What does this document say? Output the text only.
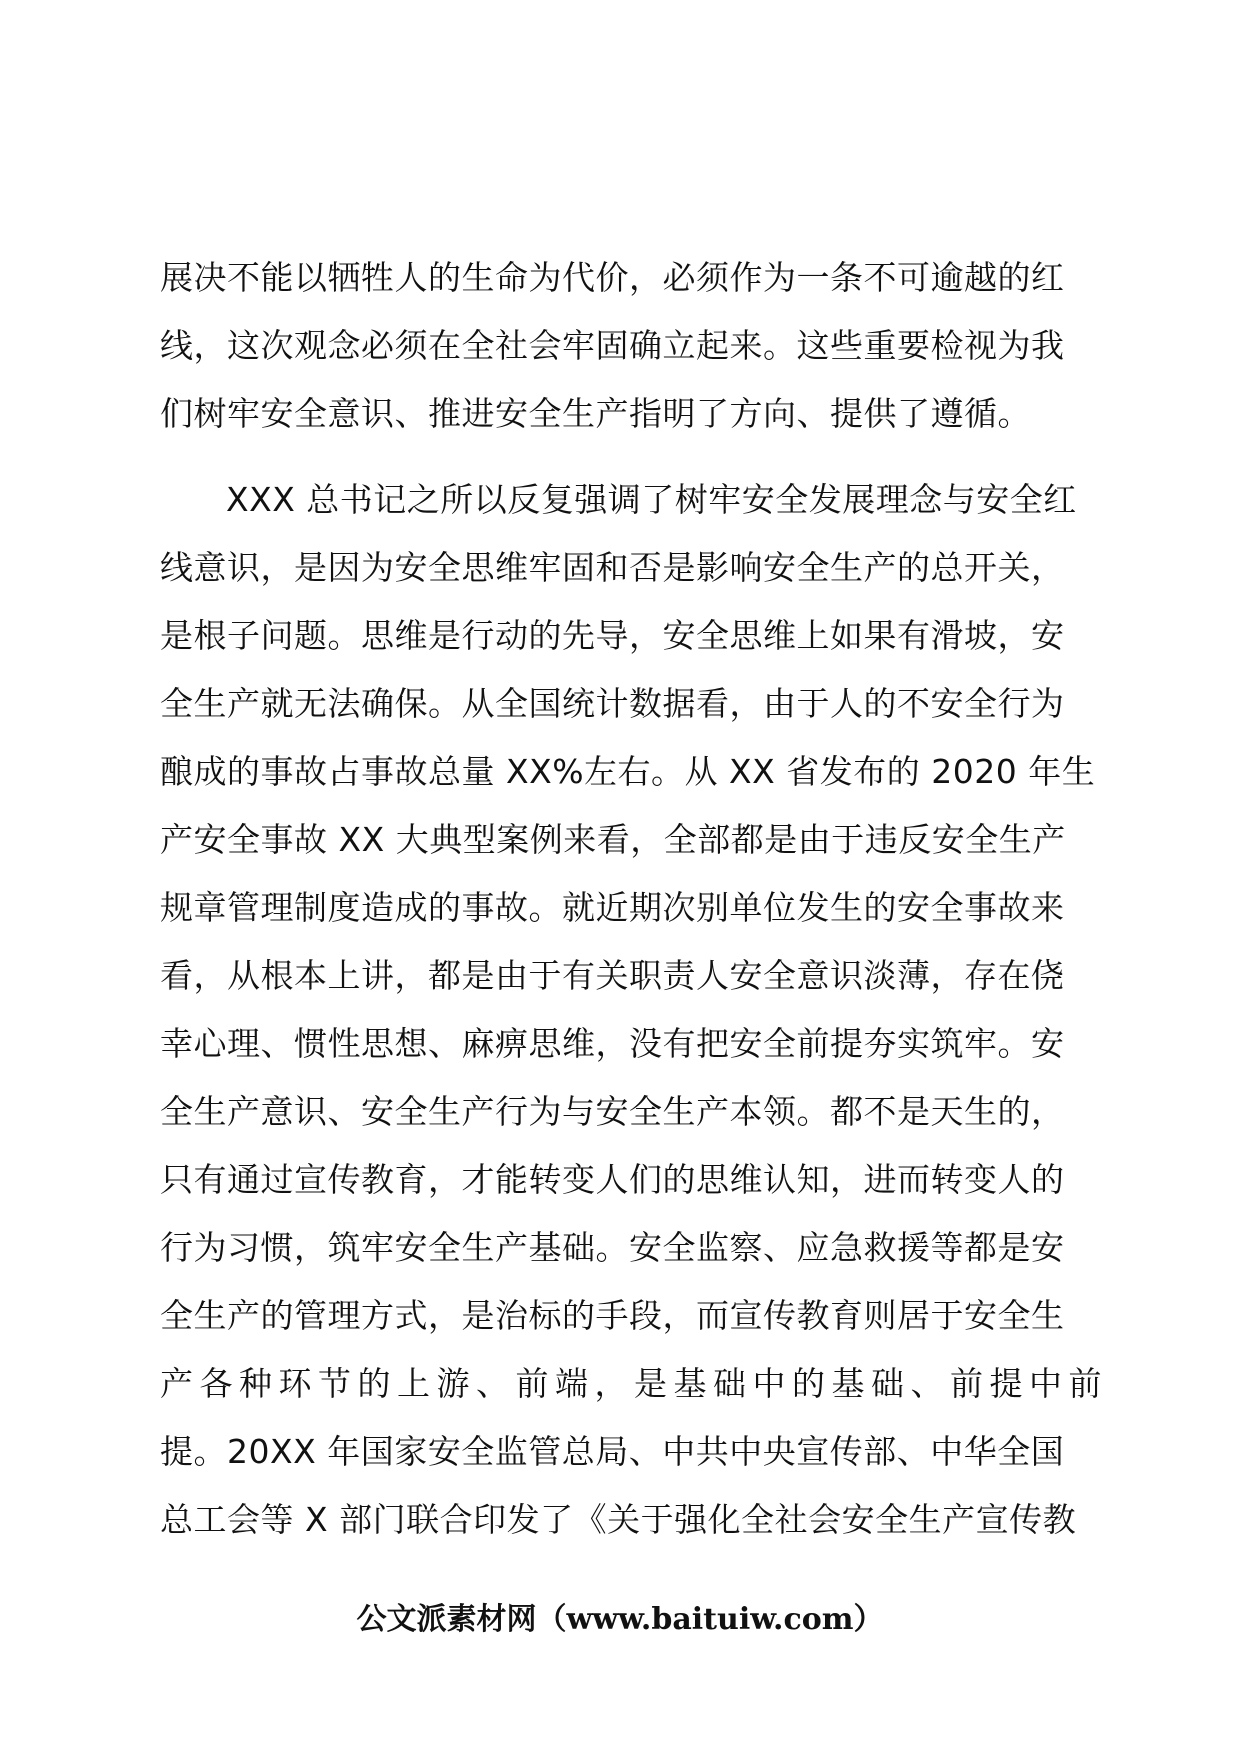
展决不能以牺牲人的生命为代价，必须作为一条不可逾越的红
线，这次观念必须在全社会牢固确立起来。这些重要检视为我
们树牢安全意识、推进安全生产指明了方向、提供了遵循。
XXX 总书记之所以反复强调了树牢安全发展理念与安全红
线意识，是因为安全思维牢固和否是影响安全生产的总开关，
是根子问题。思维是行动的先导，安全思维上如果有滑坡，安
全生产就无法确保。从全国统计数据看，由于人的不安全行为
酿成的事故占事故总量 XX%左右。从 XX 省发布的 2020 年生
产安全事故 XX 大典型案例来看，全部都是由于违反安全生产
规章管理制度造成的事故。就近期次别单位发生的安全事故来
看，从根本上讲，都是由于有关职责人安全意识淡薄，存在侥
幸心理、惯性思想、麻痹思维，没有把安全前提夯实筑牢。安
全生产意识、安全生产行为与安全生产本领。都不是天生的，
只有通过宣传教育，才能转变人们的思维认知，进而转变人的
行为习惯，筑牢安全生产基础。安全监察、应急救援等都是安
全生产的管理方式，是治标的手段，而宣传教育则居于安全生
产各种环节的上游、前端，是基础中的基础、前提中前
提。20XX 年国家安全监管总局、中共中央宣传部、中华全国
总工会等 X 部门联合印发了《关于强化全社会安全生产宣传教
公文派素材网（www.baituiw.com）
